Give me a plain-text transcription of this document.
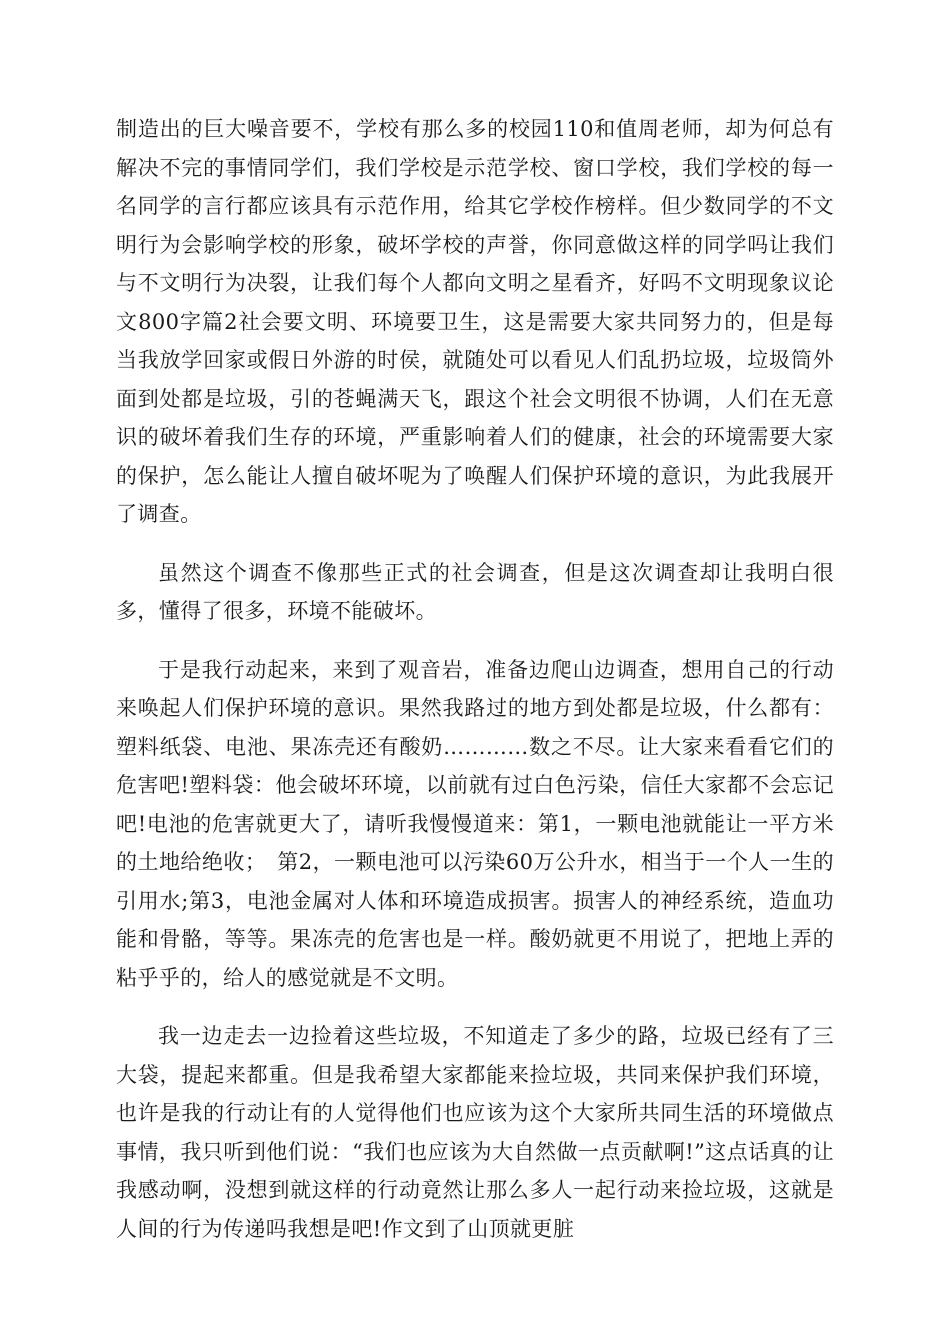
制造出的巨大噪音要不，学校有那么多的校园110和值周老师，却为何总有解决不完的事情同学们，我们学校是示范学校、窗口学校，我们学校的每一名同学的言行都应该具有示范作用，给其它学校作榜样。但少数同学的不文明行为会影响学校的形象，破坏学校的声誉，你同意做这样的同学吗让我们与不文明行为决裂，让我们每个人都向文明之星看齐，好吗不文明现象议论文800字篇2社会要文明、环境要卫生，这是需要大家共同努力的，但是每当我放学回家或假日外游的时侯，就随处可以看见人们乱扔垃圾，垃圾筒外面到处都是垃圾，引的苍蝇满天飞，跟这个社会文明很不协调，人们在无意识的破坏着我们生存的环境，严重影响着人们的健康，社会的环境需要大家的保护，怎么能让人擅自破坏呢为了唤醒人们保护环境的意识，为此我展开了调查。

虽然这个调查不像那些正式的社会调查，但是这次调查却让我明白很多，懂得了很多，环境不能破坏。

于是我行动起来，来到了观音岩，准备边爬山边调查，想用自己的行动来唤起人们保护环境的意识。果然我路过的地方到处都是垃圾，什么都有：塑料纸袋、电池、果冻壳还有酸奶…………数之不尽。让大家来看看它们的危害吧!塑料袋：他会破坏环境，以前就有过白色污染，信任大家都不会忘记吧!电池的危害就更大了，请听我慢慢道来：第1，一颗电池就能让一平方米的土地给绝收；　第2，一颗电池可以污染60万公升水，相当于一个人一生的引用水;第3，电池金属对人体和环境造成损害。损害人的神经系统，造血功能和骨骼，等等。果冻壳的危害也是一样。酸奶就更不用说了，把地上弄的粘乎乎的，给人的感觉就是不文明。

我一边走去一边捡着这些垃圾，不知道走了多少的路，垃圾已经有了三大袋，提起来都重。但是我希望大家都能来捡垃圾，共同来保护我们环境，也许是我的行动让有的人觉得他们也应该为这个大家所共同生活的环境做点事情，我只听到他们说：“我们也应该为大自然做一点贡献啊!”这点话真的让我感动啊，没想到就这样的行动竟然让那么多人一起行动来捡垃圾，这就是人间的行为传递吗我想是吧!作文到了山顶就更脏
